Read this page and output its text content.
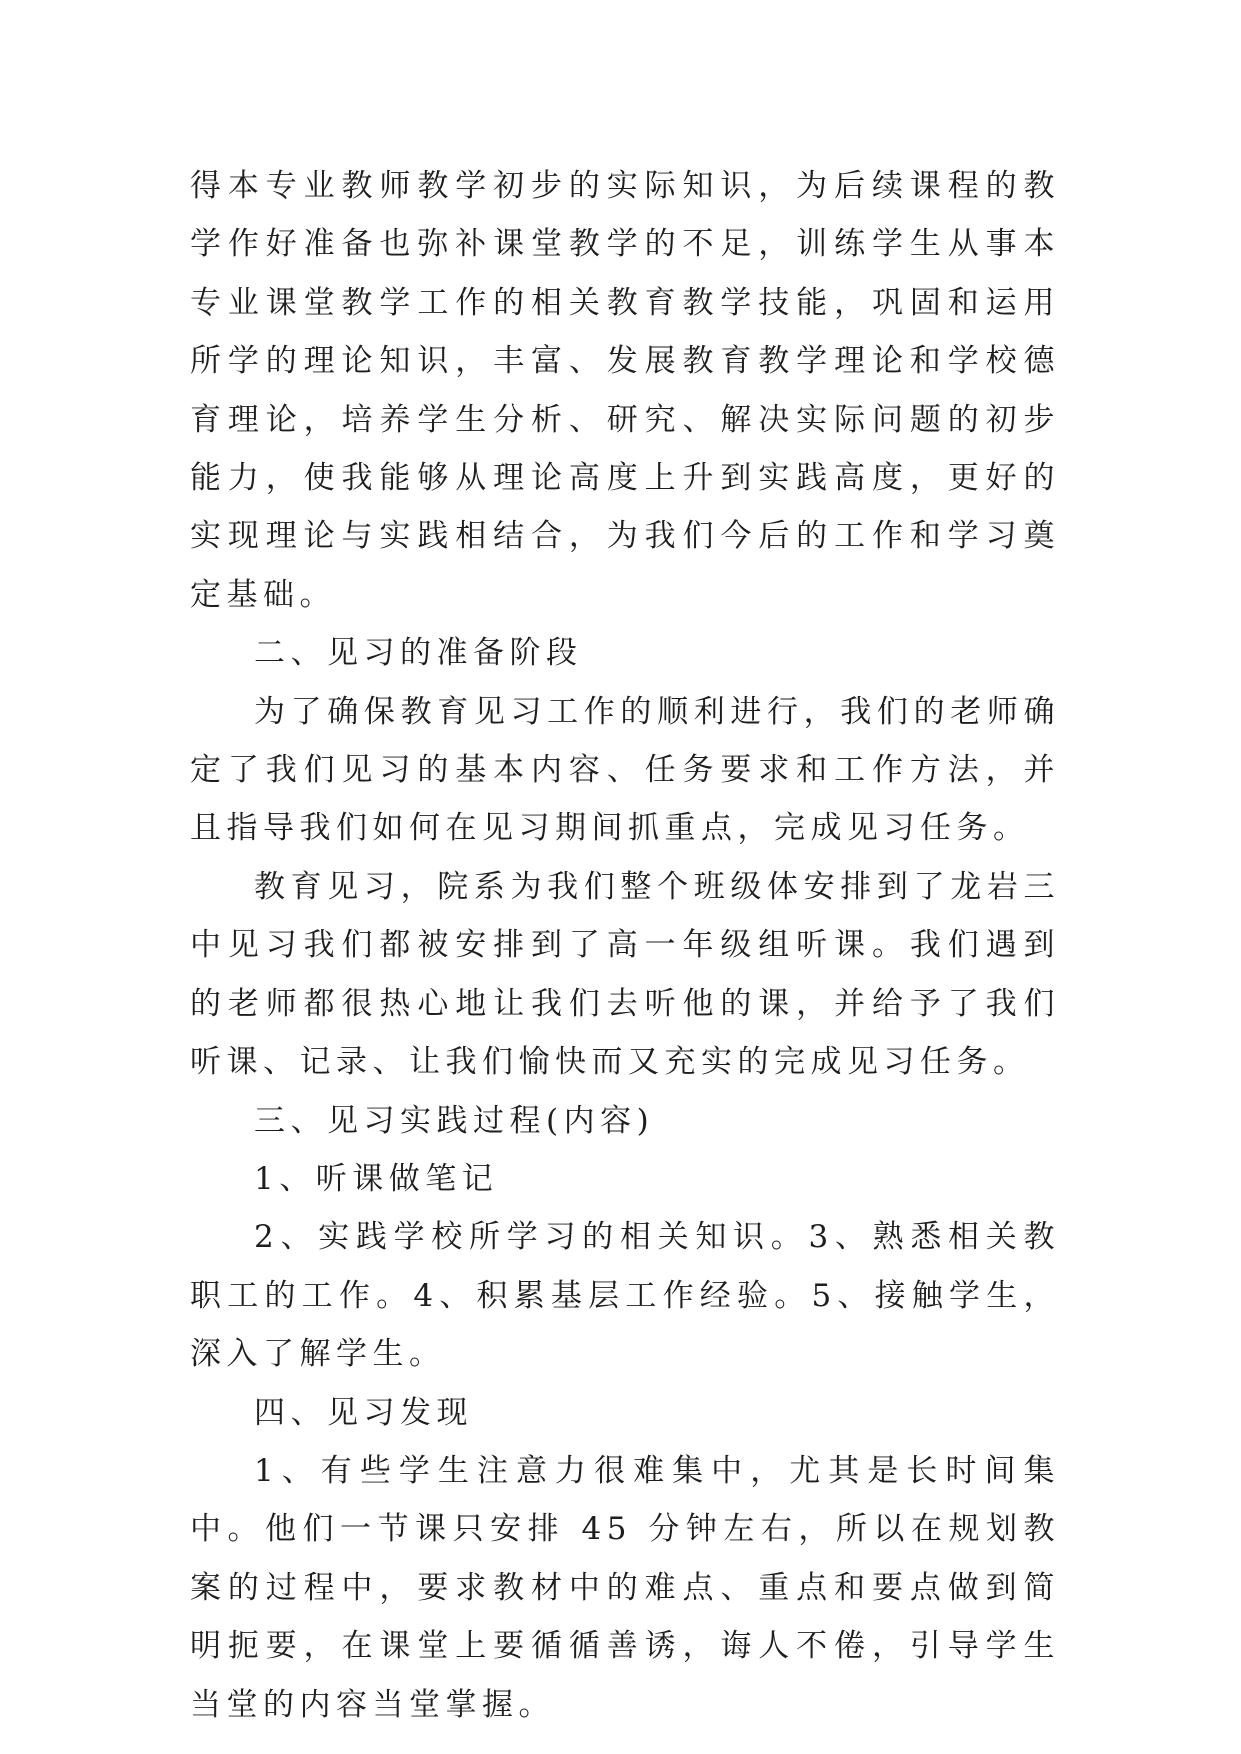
得本专业教师教学初步的实际知识，为后续课程的教学作好准备也弥补课堂教学的不足，训练学生从事本专业课堂教学工作的相关教育教学技能，巩固和运用所学的理论知识，丰富、发展教育教学理论和学校德育理论，培养学生分析、研究、解决实际问题的初步能力，使我能够从理论高度上升到实践高度，更好的实现理论与实践相结合，为我们今后的工作和学习奠定基础。

二、见习的准备阶段

为了确保教育见习工作的顺利进行，我们的老师确定了我们见习的基本内容、任务要求和工作方法，并且指导我们如何在见习期间抓重点，完成见习任务。

教育见习，院系为我们整个班级体安排到了龙岩三中见习我们都被安排到了高一年级组听课。我们遇到的老师都很热心地让我们去听他的课，并给予了我们听课、记录、让我们愉快而又充实的完成见习任务。

三、见习实践过程(内容)

1、听课做笔记

2、实践学校所学习的相关知识。3、熟悉相关教职工的工作。4、积累基层工作经验。5、接触学生，深入了解学生。

四、见习发现

1、有些学生注意力很难集中，尤其是长时间集中。他们一节课只安排 45 分钟左右，所以在规划教案的过程中，要求教材中的难点、重点和要点做到简明扼要，在课堂上要循循善诱，诲人不倦，引导学生当堂的内容当堂掌握。
